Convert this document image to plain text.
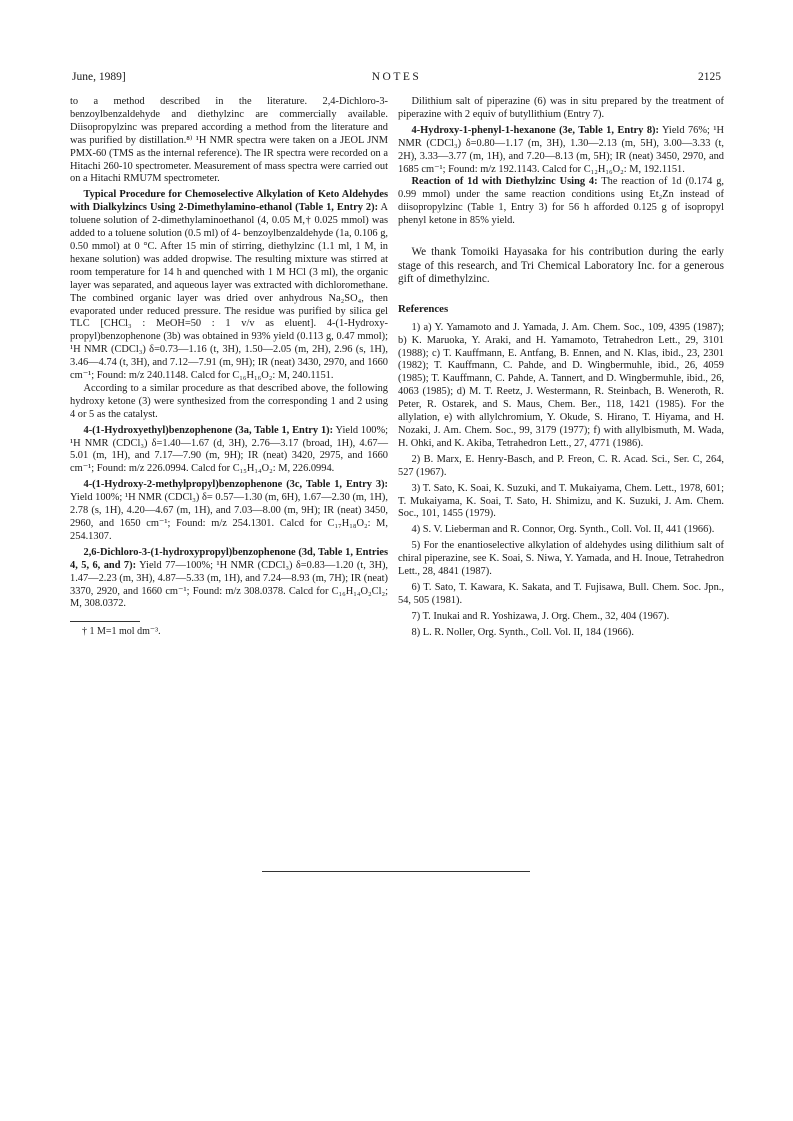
June, 1989]	NOTES	2125

to a method described in the literature. 2,4-Dichloro-3-benzoylbenzaldehyde and diethylzinc are commercially available. Diisopropylzinc was prepared according a method from the literature and was purified by distillation.⁸⁾ ¹H NMR spectra were taken on a JEOL JNM PMX-60 (TMS as the internal reference). The IR spectra were recorded on a Hitachi 260-10 spectrometer. Measurement of mass spectra were carried out on a Hitachi RMU7M spectrometer.

Typical Procedure for Chemoselective Alkylation of Keto Aldehydes with Dialkylzincs Using 2-Dimethylamino-ethanol (Table 1, Entry 2): A toluene solution of 2-dimethylaminoethanol (4, 0.05 M,† 0.025 mmol) was added to a toluene solution (0.5 ml) of 4- benzoylbenzaldehyde (1a, 0.106 g, 0.50 mmol) at 0 °C. After 15 min of stirring, diethylzinc (1.1 ml, 1 M, in hexane solution) was added dropwise. The resulting mixture was stirred at room temperature for 14 h and quenched with 1 M HCl (3 ml), the organic layer was separated, and aqueous layer was extracted with dichloromethane. The combined organic layer was dried over anhydrous Na₂SO₄, then evaporated under reduced pressure. The residue was purified by silica gel TLC [CHCl₃ : MeOH=50 : 1 v/v as eluent]. 4-(1-Hydroxy-propyl)benzophenone (3b) was obtained in 93% yield (0.113 g, 0.47 mmol); ¹H NMR (CDCl₃) δ=0.73—1.16 (t, 3H), 1.50—2.05 (m, 2H), 2.96 (s, 1H), 3.46—4.74 (t, 3H), and 7.12—7.91 (m, 9H); IR (neat) 3430, 2970, and 1660 cm⁻¹; Found: m/z 240.1148. Calcd for C₁₆H₁₆O₂: M, 240.1151.

According to a similar procedure as that described above, the following hydroxy ketone (3) were synthesized from the corresponding 1 and 2 using 4 or 5 as the catalyst.

4-(1-Hydroxyethyl)benzophenone (3a, Table 1, Entry 1): Yield 100%; ¹H NMR (CDCl₃) δ=1.40—1.67 (d, 3H), 2.76—3.17 (broad, 1H), 4.67—5.01 (m, 1H), and 7.17—7.90 (m, 9H); IR (neat) 3420, 2975, and 1660 cm⁻¹; Found: m/z 226.0994. Calcd for C₁₅H₁₄O₂: M, 226.0994.

4-(1-Hydroxy-2-methylpropyl)benzophenone (3c, Table 1, Entry 3): Yield 100%; ¹H NMR (CDCl₃) δ= 0.57—1.30 (m, 6H), 1.67—2.30 (m, 1H), 2.78 (s, 1H), 4.20—4.67 (m, 1H), and 7.03—8.00 (m, 9H); IR (neat) 3450, 2960, and 1650 cm⁻¹; Found: m/z 254.1301. Calcd for C₁₇H₁₈O₂: M, 254.1307.

2,6-Dichloro-3-(1-hydroxypropyl)benzophenone (3d, Table 1, Entries 4, 5, 6, and 7): Yield 77—100%; ¹H NMR (CDCl₃) δ=0.83—1.20 (t, 3H), 1.47—2.23 (m, 3H), 4.87—5.33 (m, 1H), and 7.24—8.93 (m, 7H); IR (neat) 3370, 2920, and 1660 cm⁻¹; Found: m/z 308.0378. Calcd for C₁₆H₁₄O₂Cl₂; M, 308.0372.

† 1 M=1 mol dm⁻³.

Dilithium salt of piperazine (6) was in situ prepared by the treatment of piperazine with 2 equiv of butyllithium (Entry 7).

4-Hydroxy-1-phenyl-1-hexanone (3e, Table 1, Entry 8): Yield 76%; ¹H NMR (CDCl₃) δ=0.80—1.17 (m, 3H), 1.30—2.13 (m, 5H), 3.00—3.33 (t, 2H), 3.33—3.77 (m, 1H), and 7.20—8.13 (m, 5H); IR (neat) 3450, 2970, and 1685 cm⁻¹; Found: m/z 192.1143. Calcd for C₁₂H₁₆O₂: M, 192.1151.

Reaction of 1d with Diethylzinc Using 4: The reaction of 1d (0.174 g, 0.99 mmol) under the same reaction conditions using Et₂Zn instead of diisopropylzinc (Table 1, Entry 3) for 56 h afforded 0.125 g of isopropyl phenyl ketone in 85% yield.

We thank Tomoiki Hayasaka for his contribution during the early stage of this research, and Tri Chemical Laboratory Inc. for a generous gift of dimethylzinc.

References

1) a) Y. Yamamoto and J. Yamada, J. Am. Chem. Soc., 109, 4395 (1987); b) K. Maruoka, Y. Araki, and H. Yamamoto, Tetrahedron Lett., 29, 3101 (1988); c) T. Kauffmann, E. Antfang, B. Ennen, and N. Klas, ibid., 23, 2301 (1982); T. Kauffmann, C. Pahde, and D. Wingbermuhle, ibid., 26, 4059 (1985); T. Kauffmann, C. Pahde, A. Tannert, and D. Wingbermuhle, ibid., 26, 4063 (1985); d) M. T. Reetz, J. Westermann, R. Steinbach, B. Weneroth, R. Peter, R. Ostarek, and S. Maus, Chem. Ber., 118, 1421 (1985). For the allylation, e) with allylchromium, Y. Okude, S. Hirano, T. Hiyama, and H. Nozaki, J. Am. Chem. Soc., 99, 3179 (1977); f) with allylbismuth, M. Wada, H. Ohki, and K. Akiba, Tetrahedron Lett., 27, 4771 (1986).

2) B. Marx, E. Henry-Basch, and P. Freon, C. R. Acad. Sci., Ser. C, 264, 527 (1967).

3) T. Sato, K. Soai, K. Suzuki, and T. Mukaiyama, Chem. Lett., 1978, 601; T. Mukaiyama, K. Soai, T. Sato, H. Shimizu, and K. Suzuki, J. Am. Chem. Soc., 101, 1455 (1979).

4) S. V. Lieberman and R. Connor, Org. Synth., Coll. Vol. II, 441 (1966).

5) For the enantioselective alkylation of aldehydes using dilithium salt of chiral piperazine, see K. Soai, S. Niwa, Y. Yamada, and H. Inoue, Tetrahedron Lett., 28, 4841 (1987).

6) T. Sato, T. Kawara, K. Sakata, and T. Fujisawa, Bull. Chem. Soc. Jpn., 54, 505 (1981).

7) T. Inukai and R. Yoshizawa, J. Org. Chem., 32, 404 (1967).

8) L. R. Noller, Org. Synth., Coll. Vol. II, 184 (1966).
